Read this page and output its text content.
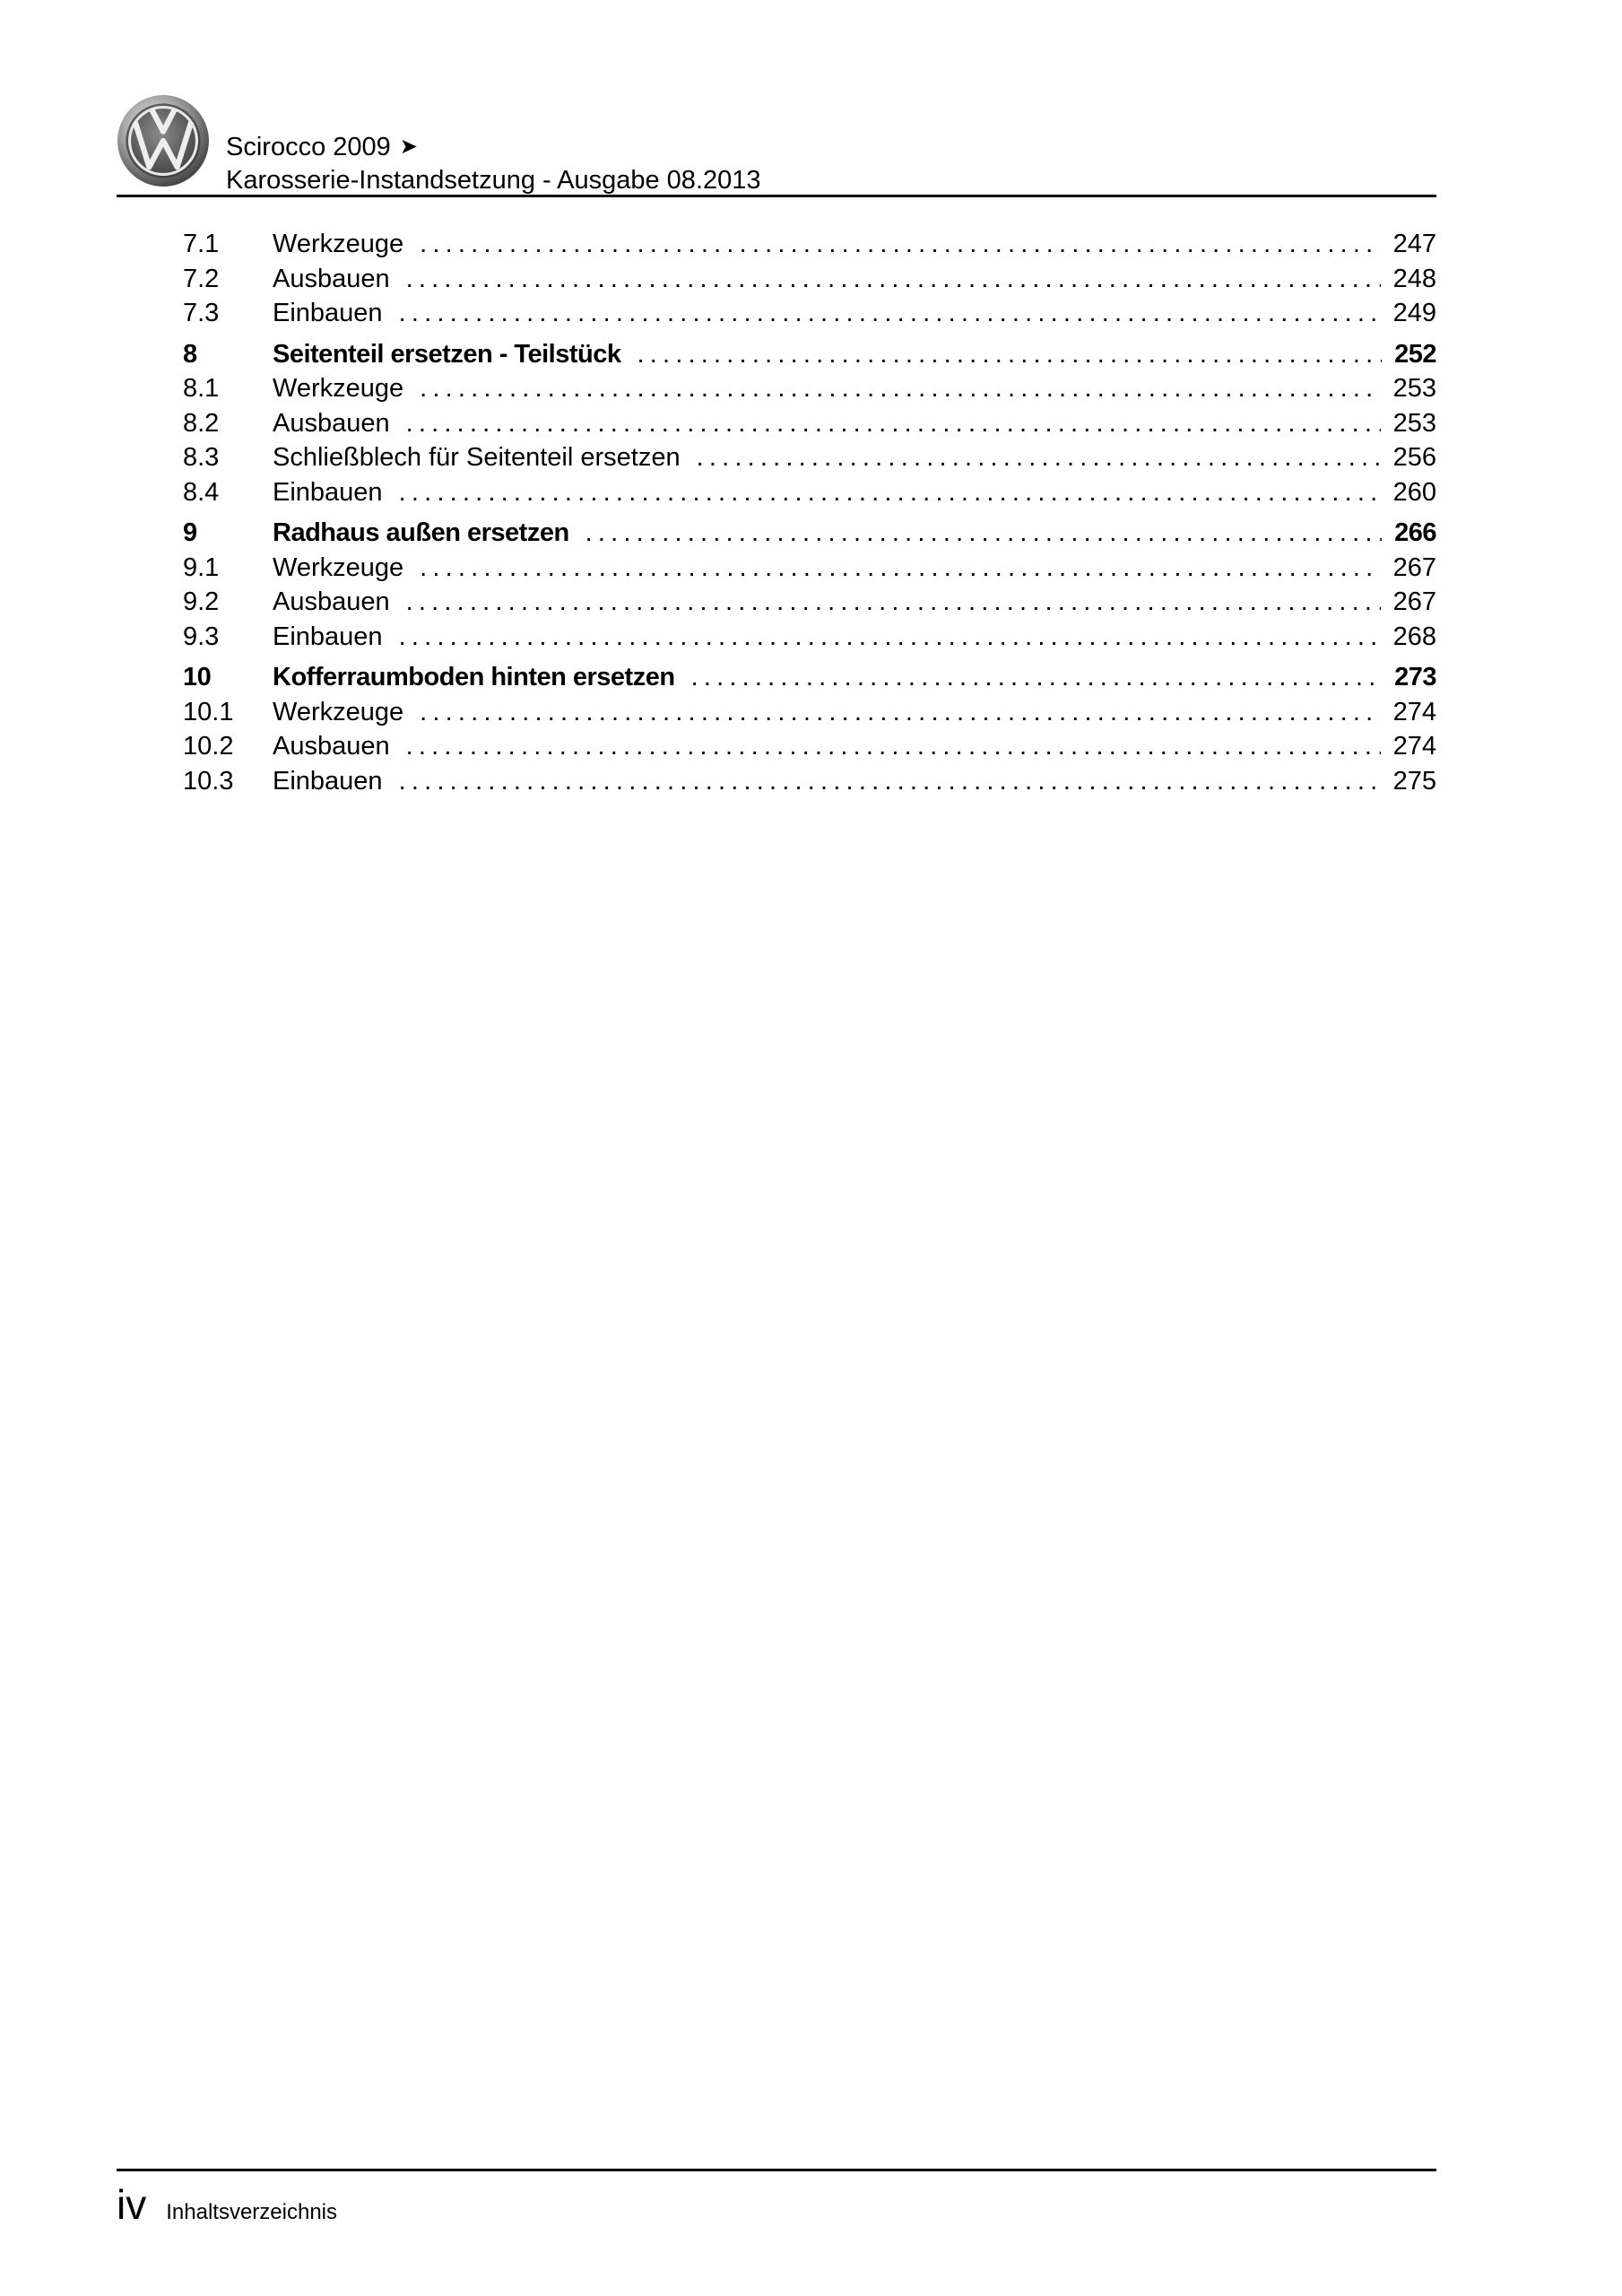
Scirocco 2009 ➤
Karosserie-Instandsetzung - Ausgabe 08.2013
7.1	Werkzeuge .....	247
7.2	Ausbauen .....	248
7.3	Einbauen .....	249
8	Seitenteil ersetzen - Teilstück .....	252
8.1	Werkzeuge .....	253
8.2	Ausbauen .....	253
8.3	Schließblech für Seitenteil ersetzen .....	256
8.4	Einbauen .....	260
9	Radhaus außen ersetzen .....	266
9.1	Werkzeuge .....	267
9.2	Ausbauen .....	267
9.3	Einbauen .....	268
10	Kofferraumboden hinten ersetzen .....	273
10.1	Werkzeuge .....	274
10.2	Ausbauen .....	274
10.3	Einbauen .....	275
iv Inhaltsverzeichnis
